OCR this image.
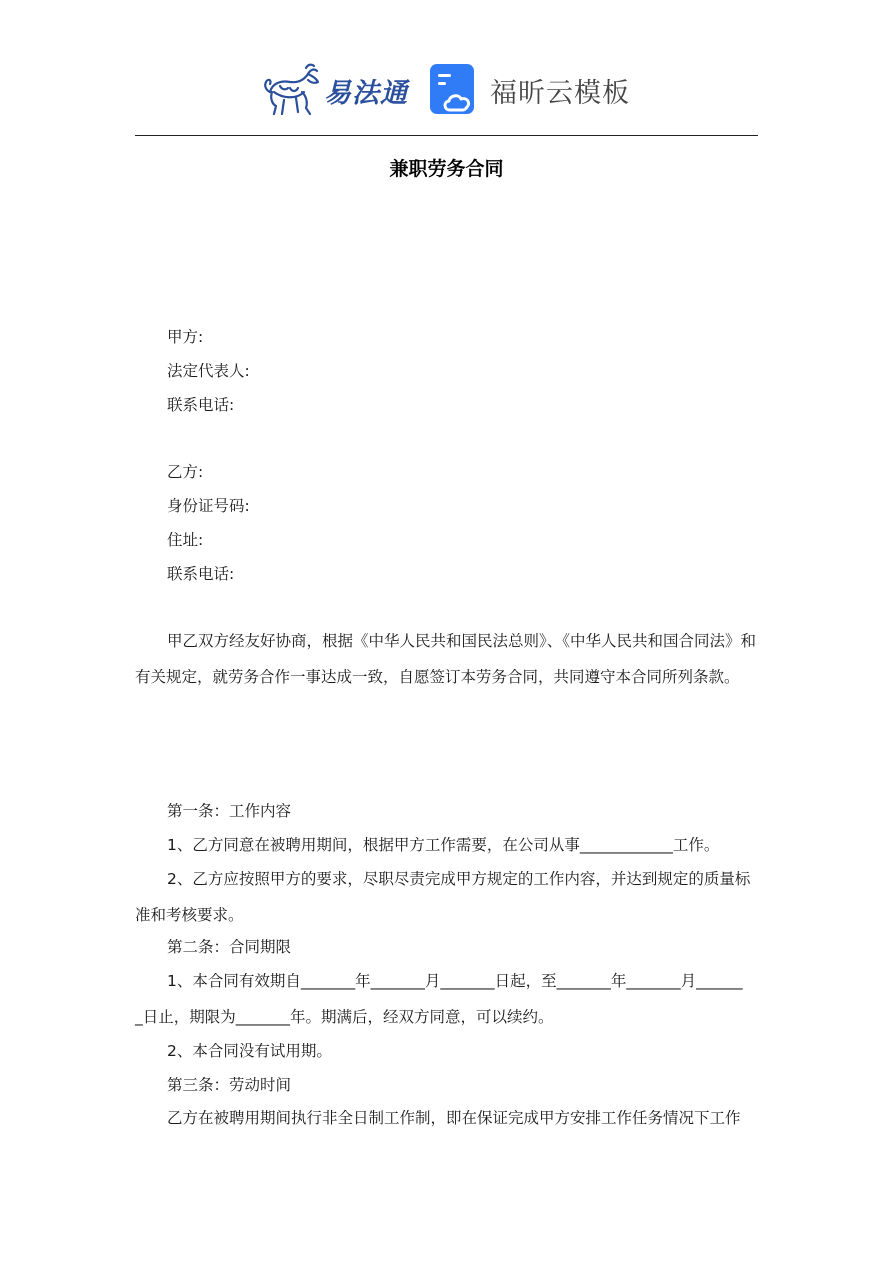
易法通	福昕云模板
兼职劳务合同
甲方:
法定代表人:
联系电话:
乙方:
身份证号码:
住址:
联系电话:
甲乙双方经友好协商，根据《中华人民共和国民法总则》、《中华人民共和国合同法》和
有关规定，就劳务合作一事达成一致，自愿签订本劳务合同，共同遵守本合同所列条款。
第一条：工作内容
1、乙方同意在被聘用期间，根据甲方工作需要，在公司从事____________工作。
2、乙方应按照甲方的要求，尽职尽责完成甲方规定的工作内容，并达到规定的质量标
准和考核要求。
第二条：合同期限
1、本合同有效期自_______年_______月_______日起，至_______年_______月______
_日止，期限为_______年。期满后，经双方同意，可以续约。
2、本合同没有试用期。
第三条：劳动时间
乙方在被聘用期间执行非全日制工作制，即在保证完成甲方安排工作任务情况下工作
